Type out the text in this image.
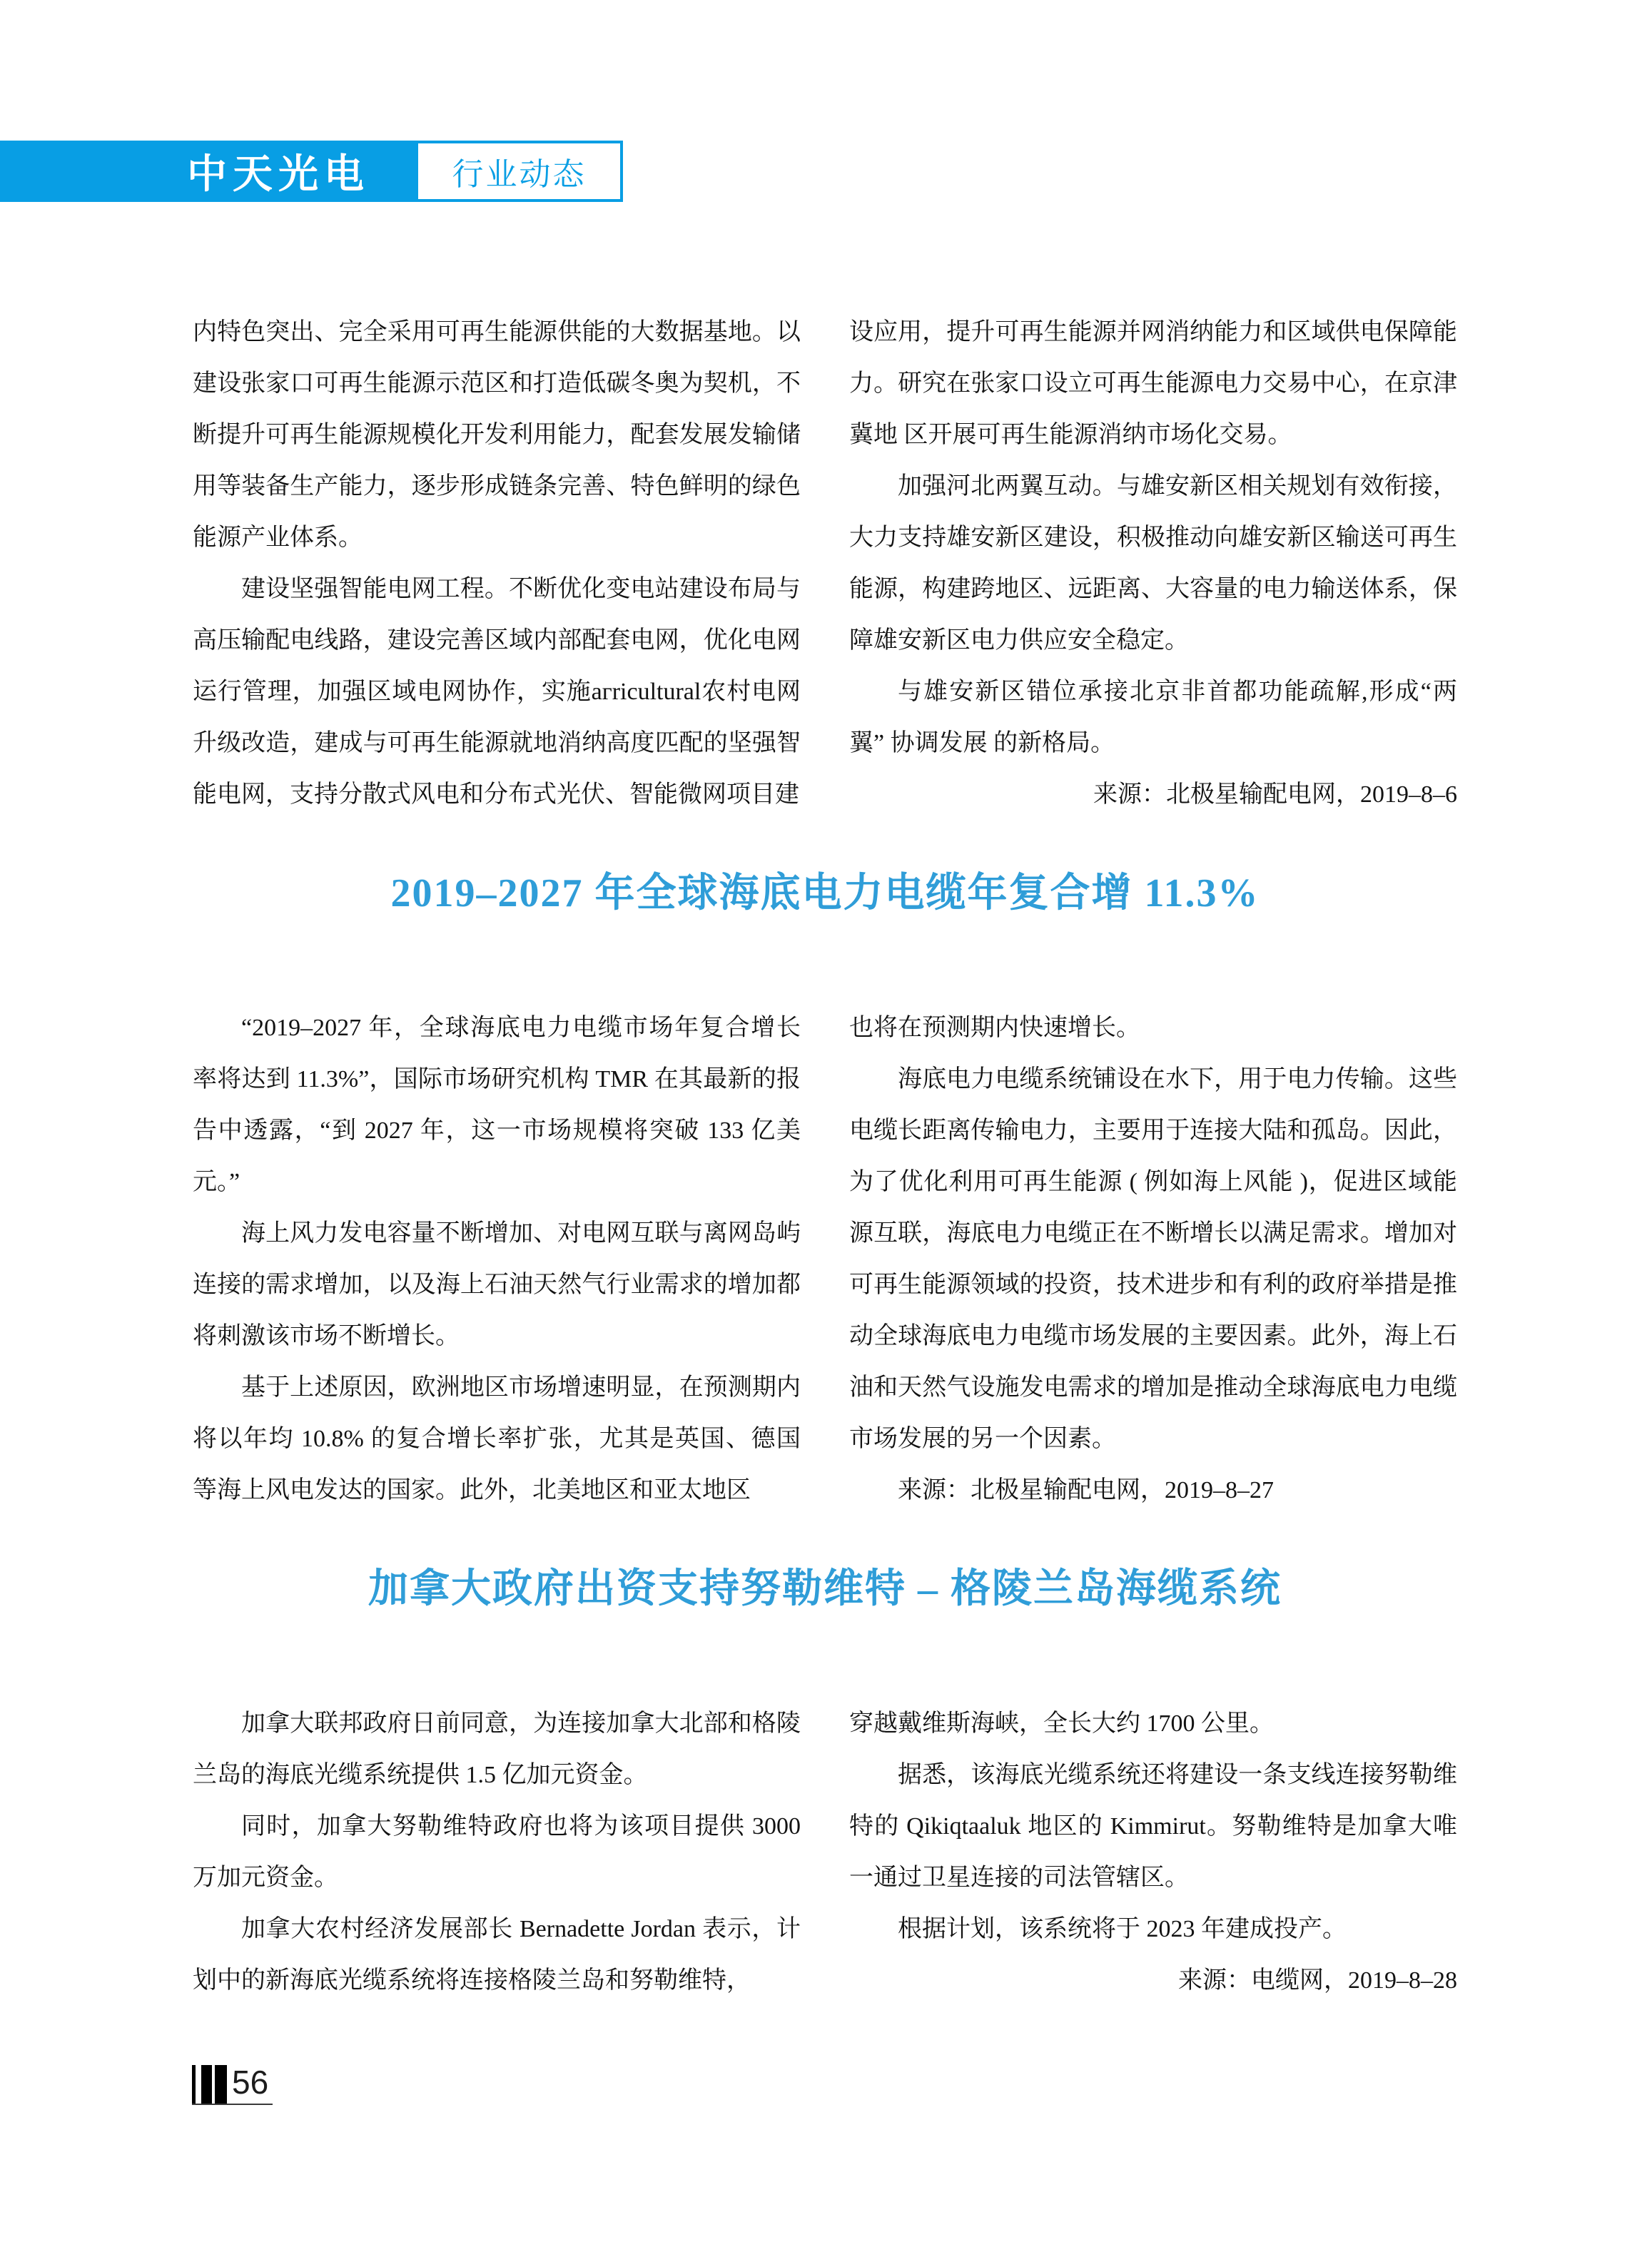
中天光电	行业动态

内特色突出、完全采用可再生能源供能的大数据基地。以建设张家口可再生能源示范区和打造低碳冬奥为契机，不断提升可再生能源规模化开发利用能力，配套发展发输储用等装备生产能力，逐步形成链条完善、特色鲜明的绿色能源产业体系。

建设坚强智能电网工程。不断优化变电站建设布局与高压输配电线路，建设完善区域内部配套电网，优化电网运行管理，加强区域电网协作，实施агricultural农村电网升级改造，建成与可再生能源就地消纳高度匹配的坚强智能电网，支持分散式风电和分布式光伏、智能微网项目建

设应用，提升可再生能源并网消纳能力和区域供电保障能力。研究在张家口设立可再生能源电力交易中心，在京津冀地 区开展可再生能源消纳市场化交易。

加强河北两翼互动。与雄安新区相关规划有效衔接，大力支持雄安新区建设，积极推动向雄安新区输送可再生能源，构建跨地区、远距离、大容量的电力输送体系，保障雄安新区电力供应安全稳定。

与雄安新区错位承接北京非首都功能疏解,形成“两翼” 协调发展 的新格局。

来源：北极星输配电网，2019–8–6

2019–2027 年全球海底电力电缆年复合增 11.3%

“2019–2027 年，全球海底电力电缆市场年复合增长率将达到 11.3%”，国际市场研究机构 TMR 在其最新的报告中透露，“到 2027 年，这一市场规模将突破 133 亿美元。”

海上风力发电容量不断增加、对电网互联与离网岛屿连接的需求增加，以及海上石油天然气行业需求的增加都将刺激该市场不断增长。

基于上述原因，欧洲地区市场增速明显，在预测期内将以年均 10.8% 的复合增长率扩张，尤其是英国、德国等海上风电发达的国家。此外，北美地区和亚太地区

也将在预测期内快速增长。

海底电力电缆系统铺设在水下，用于电力传输。这些电缆长距离传输电力，主要用于连接大陆和孤岛。因此，为了优化利用可再生能源 ( 例如海上风能 )，促进区域能源互联，海底电力电缆正在不断增长以满足需求。增加对可再生能源领域的投资，技术进步和有利的政府举措是推动全球海底电力电缆市场发展的主要因素。此外，海上石油和天然气设施发电需求的增加是推动全球海底电力电缆市场发展的另一个因素。

来源：北极星输配电网，2019–8–27

加拿大政府出资支持努勒维特 – 格陵兰岛海缆系统

加拿大联邦政府日前同意，为连接加拿大北部和格陵兰岛的海底光缆系统提供 1.5 亿加元资金。

同时，加拿大努勒维特政府也将为该项目提供 3000 万加元资金。

加拿大农村经济发展部长 Bernadette Jordan 表示，计划中的新海底光缆系统将连接格陵兰岛和努勒维特，

穿越戴维斯海峡，全长大约 1700 公里。

据悉，该海底光缆系统还将建设一条支线连接努勒维特的 Qikiqtaaluk 地区的 Kimmirut。努勒维特是加拿大唯一通过卫星连接的司法管辖区。

根据计划，该系统将于 2023 年建成投产。

来源：电缆网，2019–8–28

56
